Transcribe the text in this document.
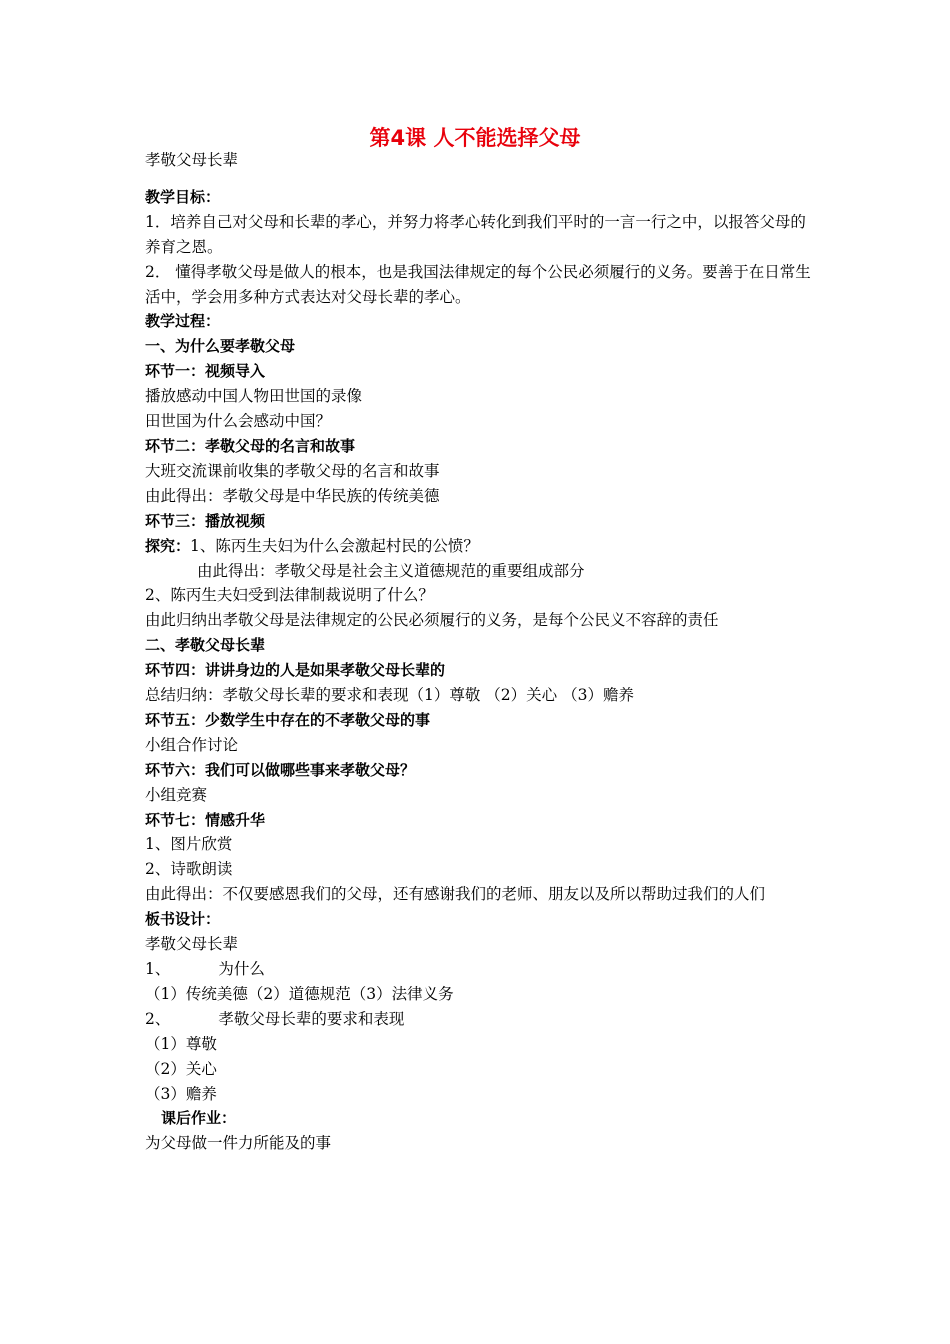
第4课 人不能选择父母
孝敬父母长辈
教学目标：
1．培养自己对父母和长辈的孝心，并努力将孝心转化到我们平时的一言一行之中，以报答父母的养育之恩。
2． 懂得孝敬父母是做人的根本，也是我国法律规定的每个公民必须履行的义务。要善于在日常生活中，学会用多种方式表达对父母长辈的孝心。
教学过程：
一、为什么要孝敬父母
环节一：视频导入
播放感动中国人物田世国的录像
田世国为什么会感动中国？
环节二：孝敬父母的名言和故事
大班交流课前收集的孝敬父母的名言和故事
由此得出：孝敬父母是中华民族的传统美德
环节三：播放视频
探究：1、陈丙生夫妇为什么会激起村民的公愤？
由此得出：孝敬父母是社会主义道德规范的重要组成部分
2、陈丙生夫妇受到法律制裁说明了什么？
由此归纳出孝敬父母是法律规定的公民必须履行的义务，是每个公民义不容辞的责任
二、孝敬父母长辈
环节四：讲讲身边的人是如果孝敬父母长辈的
总结归纳：孝敬父母长辈的要求和表现（1）尊敬 （2）关心 （3）赡养
环节五：少数学生中存在的不孝敬父母的事
小组合作讨论
环节六：我们可以做哪些事来孝敬父母？
小组竞赛
环节七：情感升华
1、图片欣赏
2、诗歌朗读
由此得出：不仅要感恩我们的父母，还有感谢我们的老师、朋友以及所以帮助过我们的人们
板书设计：
孝敬父母长辈
1、	为什么
（1）传统美德（2）道德规范（3）法律义务
2、	孝敬父母长辈的要求和表现
（1）尊敬
（2）关心
（3）赡养
课后作业：
为父母做一件力所能及的事
